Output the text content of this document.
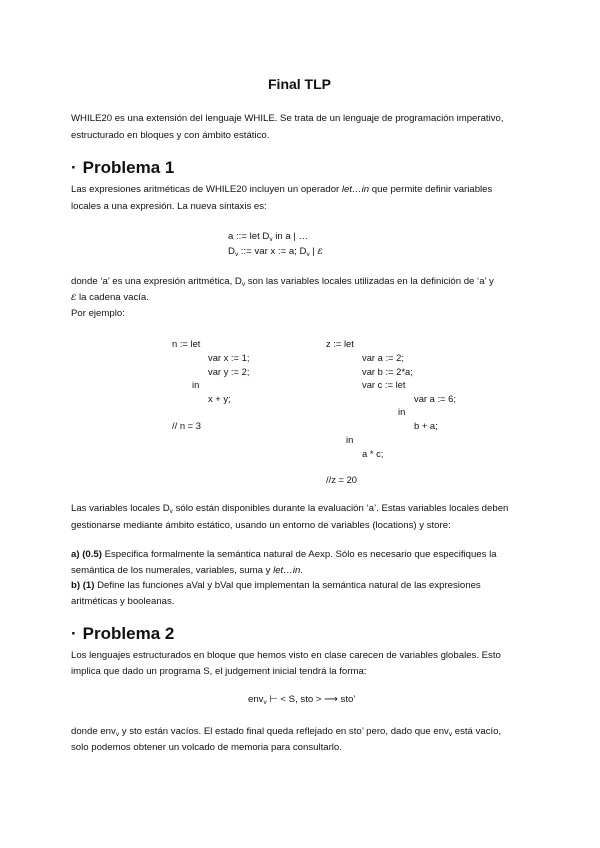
Final TLP
WHILE20 es una extensión del lenguaje WHILE. Se trata de un lenguaje de programación imperativo,
estructurado en bloques y con ámbito estático.
· Problema 1
Las expresiones aritméticas de WHILE20 incluyen un operador let…in que permite definir variables
locales a una expresión. La nueva sintaxis es:
a ::= let $D_v$ in a | …
$D_v$ ::= var x := a; $D_v$ | ε
donde ‘a’ es una expresión aritmética, $D_v$ son las variables locales utilizadas en la definición de ‘a’ y
ε la cadena vacía.
Por ejemplo:
n := let
var x := 1;
var y := 2;
in
x + y;
// n = 3
z := let
var a := 2;
var b := 2*a;
var c := let
var a := 6;
in
b + a;
in
a * c;
//z = 20
Las variables locales $D_v$ sólo están disponibles durante la evaluación ‘a’. Estas variables locales deben
gestionarse mediante ámbito estático, usando un entorno de variables (locations) y store:
a) (0.5) Especifica formalmente la semántica natural de Aexp. Sólo es necesario que especifiques la
semántica de los numerales, variables, suma y let…in.
b) (1) Define las funciones aVal y bVal que implementan la semántica natural de las expresiones
aritméticas y booleanas.
· Problema 2
Los lenguajes estructurados en bloque que hemos visto en clase carecen de variables globales. Esto
implica que dado un programa S, el judgement inicial tendrá la forma:
env$_v$ ⊢ < S, sto > ⟶ sto’
donde env$_v$ y sto están vacíos. El estado final queda reflejado en sto’ pero, dado que env$_v$ está vacío,
solo podemos obtener un volcado de memoria para consultarlo.
